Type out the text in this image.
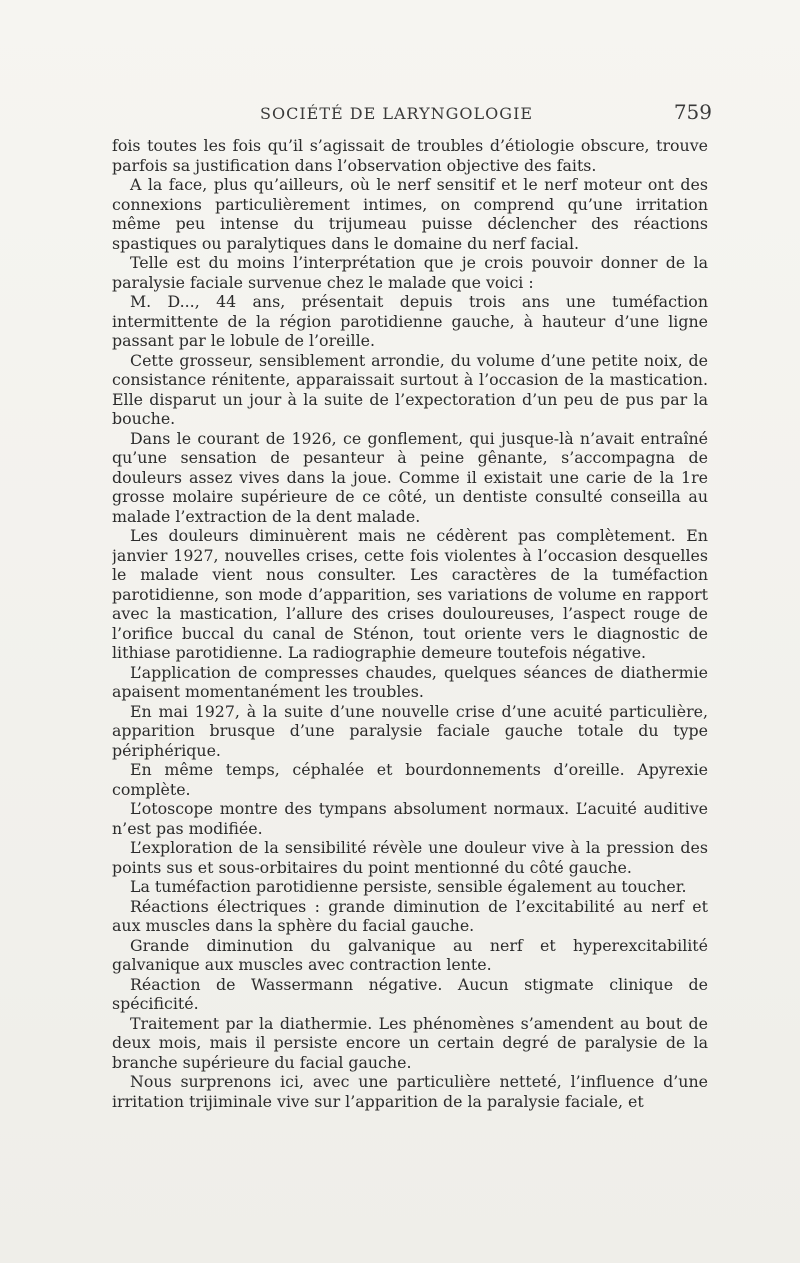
SOCIÉTÉ DE LARYNGOLOGIE	759

fois toutes les fois qu’il s’agissait de troubles d’étiologie obscure, trouve parfois sa justification dans l’observation objective des faits.

A la face, plus qu’ailleurs, où le nerf sensitif et le nerf moteur ont des connexions particulièrement intimes, on comprend qu’une irritation même peu intense du trijumeau puisse déclencher des réactions spastiques ou paralytiques dans le domaine du nerf facial.

Telle est du moins l’interprétation que je crois pouvoir donner de la paralysie faciale survenue chez le malade que voici :

M. D..., 44 ans, présentait depuis trois ans une tuméfaction intermittente de la région parotidienne gauche, à hauteur d’une ligne passant par le lobule de l’oreille.

Cette grosseur, sensiblement arrondie, du volume d’une petite noix, de consistance rénitente, apparaissait surtout à l’occasion de la mastication. Elle disparut un jour à la suite de l’expectoration d’un peu de pus par la bouche.

Dans le courant de 1926, ce gonflement, qui jusque-là n’avait entraîné qu’une sensation de pesanteur à peine gênante, s’accompagna de douleurs assez vives dans la joue. Comme il existait une carie de la 1re grosse molaire supérieure de ce côté, un dentiste consulté conseilla au malade l’extraction de la dent malade.

Les douleurs diminuèrent mais ne cédèrent pas complètement. En janvier 1927, nouvelles crises, cette fois violentes à l’occasion desquelles le malade vient nous consulter. Les caractères de la tuméfaction parotidienne, son mode d’apparition, ses variations de volume en rapport avec la mastication, l’allure des crises douloureuses, l’aspect rouge de l’orifice buccal du canal de Sténon, tout oriente vers le diagnostic de lithiase parotidienne. La radiographie demeure toutefois négative.

L’application de compresses chaudes, quelques séances de diathermie apaisent momentanément les troubles.

En mai 1927, à la suite d’une nouvelle crise d’une acuité particulière, apparition brusque d’une paralysie faciale gauche totale du type périphérique.

En même temps, céphalée et bourdonnements d’oreille. Apyrexie complète.

L’otoscope montre des tympans absolument normaux. L’acuité auditive n’est pas modifiée.

L’exploration de la sensibilité révèle une douleur vive à la pression des points sus et sous-orbitaires du point mentionné du côté gauche.

La tuméfaction parotidienne persiste, sensible également au toucher.

Réactions électriques : grande diminution de l’excitabilité au nerf et aux muscles dans la sphère du facial gauche.

Grande diminution du galvanique au nerf et hyperexcitabilité galvanique aux muscles avec contraction lente.

Réaction de Wassermann négative. Aucun stigmate clinique de spécificité.

Traitement par la diathermie. Les phénomènes s’amendent au bout de deux mois, mais il persiste encore un certain degré de paralysie de la branche supérieure du facial gauche.

Nous surprenons ici, avec une particulière netteté, l’influence d’une irritation trijiminale vive sur l’apparition de la paralysie faciale, et
